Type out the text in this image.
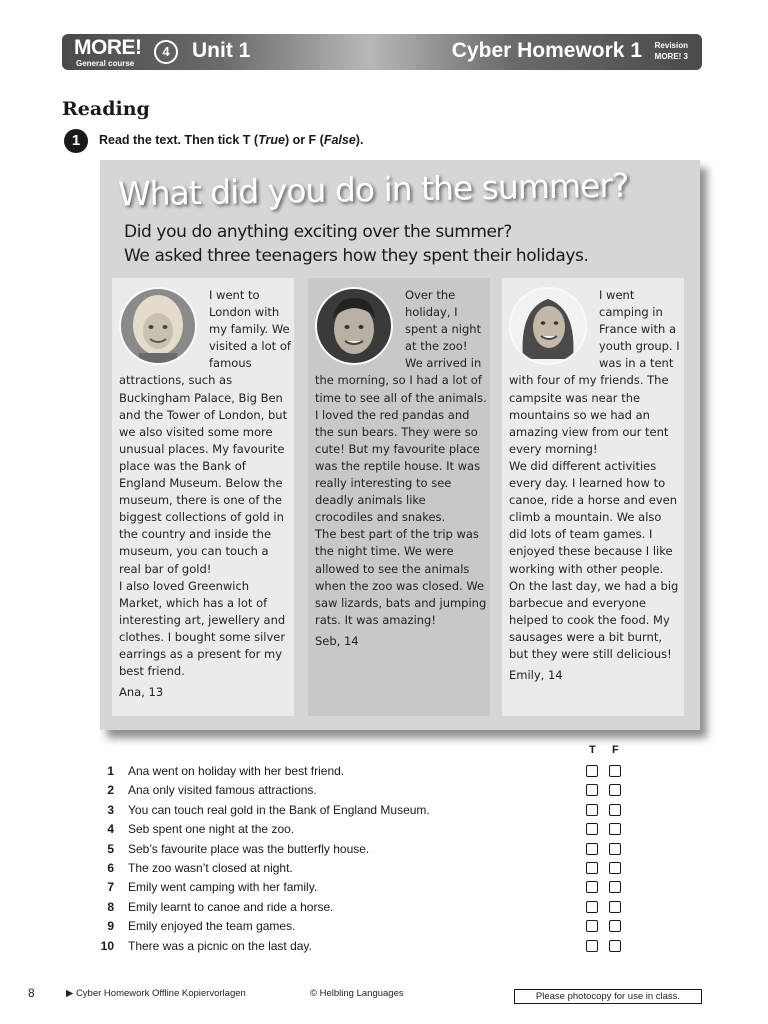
MORE!
General course
4	Unit 1	Cyber Homework 1 Revision
MORE! 3
Reading
1	Read the text. Then tick T (True) or F (False).
What did you do in the summer?
Did you do anything exciting over the summer?
We asked three teenagers how they spent their holidays.

I went to London with my family. We visited a lot of famous attractions, such as Buckingham Palace, Big Ben and the Tower of London, but we also visited some more unusual places. My favourite place was the Bank of England Museum. Below the museum, there is one of the biggest collections of gold in the country and inside the museum, you can touch a real bar of gold!

I also loved Greenwich Market, which has a lot of interesting art, jewellery and clothes. I bought some silver earrings as a present for my best friend.

Ana, 13

Over the holiday, I spent a night at the zoo! We arrived in the morning, so I had a lot of time to see all of the animals. I loved the red pandas and the sun bears. They were so cute! But my favourite place was the reptile house. It was really interesting to see deadly animals like crocodiles and snakes.

The best part of the trip was the night time. We were allowed to see the animals when the zoo was closed. We saw lizards, bats and jumping rats. It was amazing!

Seb, 14

I went camping in France with a youth group. I was in a tent with four of my friends. The campsite was near the mountains so we had an amazing view from our tent every morning!

We did different activities every day. I learned how to canoe, ride a horse and even climb a mountain. We also did lots of team games. I enjoyed these because I like working with other people. On the last day, we had a big barbecue and everyone helped to cook the food. My sausages were a bit burnt, but they were still delicious!

Emily, 14

T F
1 Ana went on holiday with her best friend.
2 Ana only visited famous attractions.
3 You can touch real gold in the Bank of England Museum.
4 Seb spent one night at the zoo.
5 Seb’s favourite place was the butterfly house.
6 The zoo wasn’t closed at night.
7 Emily went camping with her family.
8 Emily learnt to canoe and ride a horse.
9 Emily enjoyed the team games.
10 There was a picnic on the last day.
8	▶ Cyber Homework Offline Kopiervorlagen	© Helbling Languages	Please photocopy for use in class.
